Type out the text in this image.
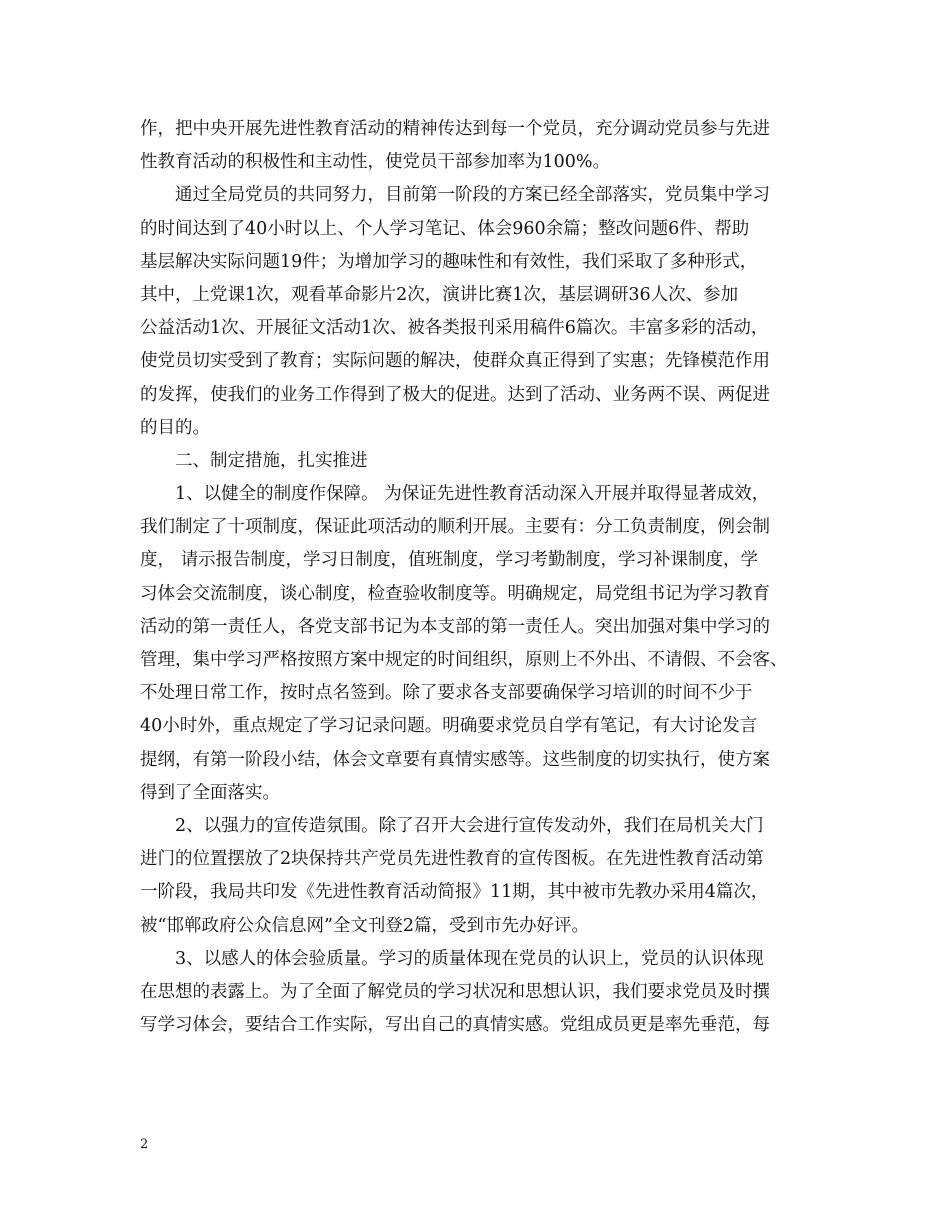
作，把中央开展先进性教育活动的精神传达到每一个党员，充分调动党员参与先进
性教育活动的积极性和主动性，使党员干部参加率为100%。
通过全局党员的共同努力，目前第一阶段的方案已经全部落实，党员集中学习
的时间达到了40小时以上、个人学习笔记、体会960余篇；整改问题6件、帮助
基层解决实际问题19件；为增加学习的趣味性和有效性，我们采取了多种形式，
其中，上党课1次，观看革命影片2次，演讲比赛1次，基层调研36人次、参加
公益活动1次、开展征文活动1次、被各类报刊采用稿件6篇次。丰富多彩的活动，
使党员切实受到了教育；实际问题的解决，使群众真正得到了实惠；先锋模范作用
的发挥，使我们的业务工作得到了极大的促进。达到了活动、业务两不误、两促进
的目的。
二、制定措施，扎实推进
1、以健全的制度作保障。 为保证先进性教育活动深入开展并取得显著成效，
我们制定了十项制度，保证此项活动的顺利开展。主要有：分工负责制度，例会制
度， 请示报告制度，学习日制度，值班制度，学习考勤制度，学习补课制度，学
习体会交流制度，谈心制度，检查验收制度等。明确规定，局党组书记为学习教育
活动的第一责任人，各党支部书记为本支部的第一责任人。突出加强对集中学习的
管理，集中学习严格按照方案中规定的时间组织，原则上不外出、不请假、不会客、
不处理日常工作，按时点名签到。除了要求各支部要确保学习培训的时间不少于
40小时外，重点规定了学习记录问题。明确要求党员自学有笔记，有大讨论发言
提纲，有第一阶段小结，体会文章要有真情实感等。这些制度的切实执行，使方案
得到了全面落实。
2、以强力的宣传造氛围。除了召开大会进行宣传发动外，我们在局机关大门
进门的位置摆放了2块保持共产党员先进性教育的宣传图板。在先进性教育活动第
一阶段，我局共印发《先进性教育活动简报》11期，其中被市先教办采用4篇次，
被“邯郸政府公众信息网”全文刊登2篇，受到市先办好评。
3、以感人的体会验质量。学习的质量体现在党员的认识上，党员的认识体现
在思想的表露上。为了全面了解党员的学习状况和思想认识，我们要求党员及时撰
写学习体会，要结合工作实际，写出自己的真情实感。党组成员更是率先垂范，每
2
